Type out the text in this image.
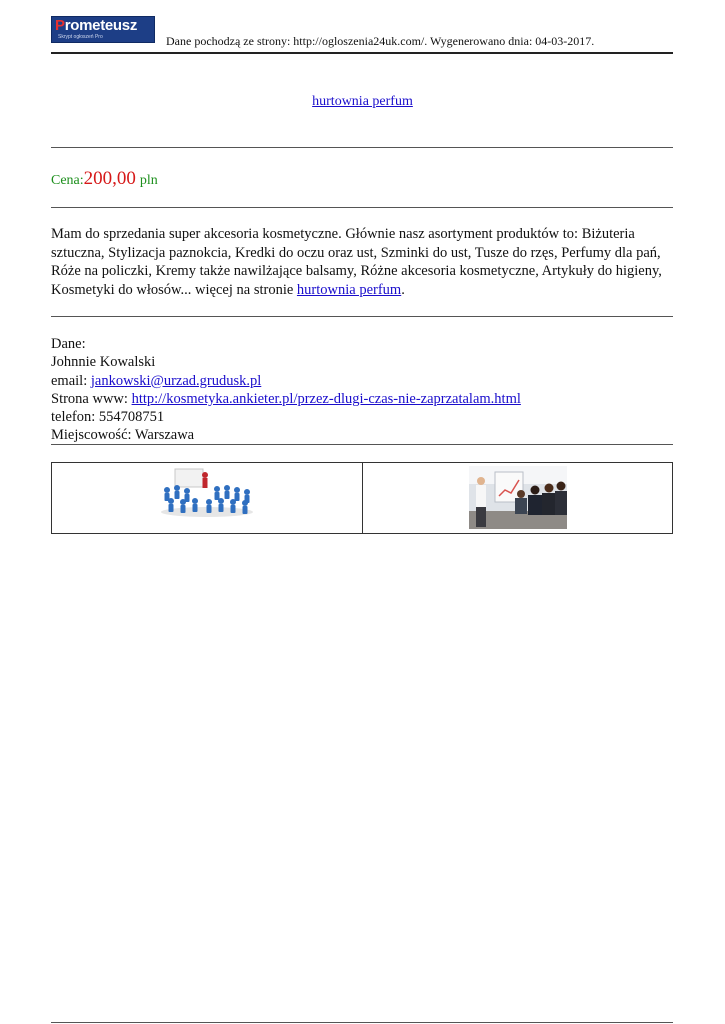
Prometeusz
Skrypt ogłoszeń Pro	Dane pochodzą ze strony: http://ogloszenia24uk.com/. Wygenerowano dnia: 04-03-2017.
hurtownia perfum
Cena:200,00 pln
Mam do sprzedania super akcesoria kosmetyczne. Głównie nasz asortyment produktów to: Biżuteria sztuczna, Stylizacja paznokcia, Kredki do oczu oraz ust, Szminki do ust, Tusze do rzęs, Perfumy dla pań, Róże na policzki, Kremy także nawilżające balsamy, Różne akcesoria kosmetyczne, Artykuły do higieny, Kosmetyki do włosów... więcej na stronie hurtownia perfum.
Dane:
Johnnie Kowalski
email: jankowski@urzad.grudusk.pl
Strona www: http://kosmetyka.ankieter.pl/przez-dlugi-czas-nie-zaprzatalam.html
telefon: 554708751
Miejscowość: Warszawa
